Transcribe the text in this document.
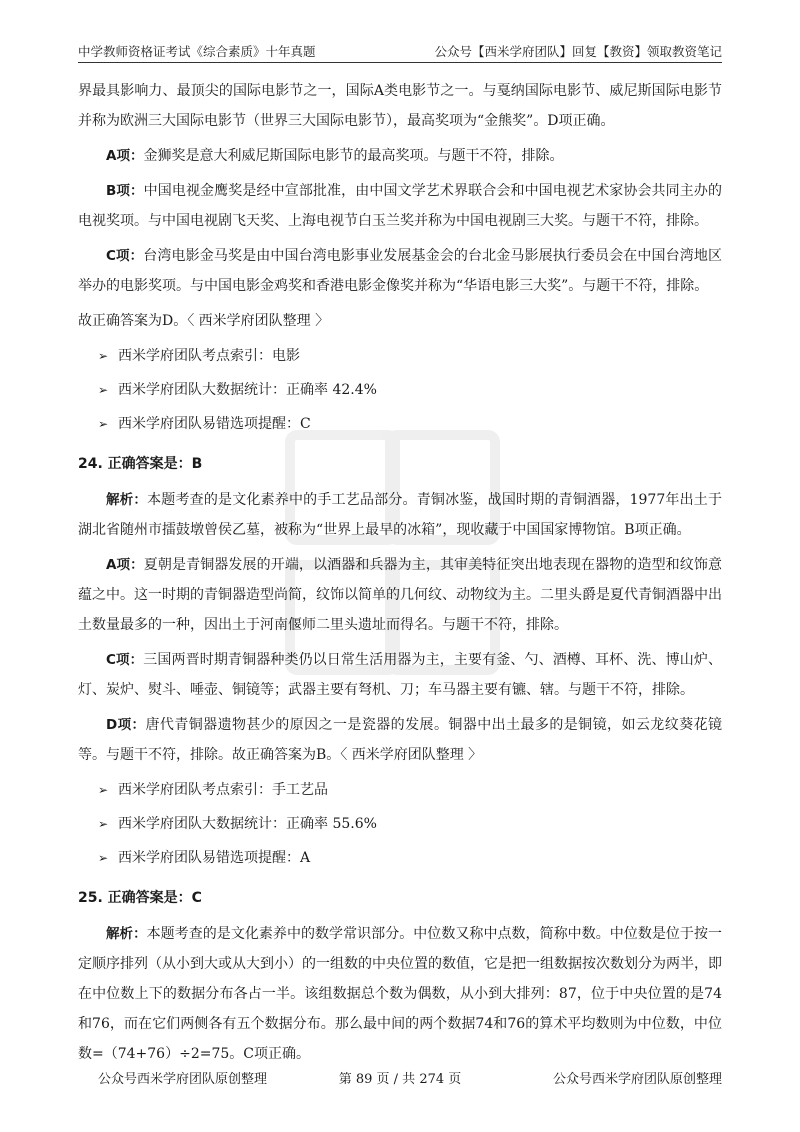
中学教师资格证考试《综合素质》十年真题	公众号【西米学府团队】回复【教资】领取教资笔记

界最具影响力、最顶尖的国际电影节之一，国际A类电影节之一。与戛纳国际电影节、威尼斯国际电影节并称为欧洲三大国际电影节（世界三大国际电影节），最高奖项为“金熊奖”。D项正确。

A项：金狮奖是意大利威尼斯国际电影节的最高奖项。与题干不符，排除。

B项：中国电视金鹰奖是经中宣部批准，由中国文学艺术界联合会和中国电视艺术家协会共同主办的电视奖项。与中国电视剧飞天奖、上海电视节白玉兰奖并称为中国电视剧三大奖。与题干不符，排除。

C项：台湾电影金马奖是由中国台湾电影事业发展基金会的台北金马影展执行委员会在中国台湾地区举办的电影奖项。与中国电影金鸡奖和香港电影金像奖并称为“华语电影三大奖”。与题干不符，排除。

故正确答案为D。〈 西米学府团队整理 〉

➢ 西米学府团队考点索引：电影
➢ 西米学府团队大数据统计：正确率 42.4%
➢ 西米学府团队易错选项提醒：C
24. 正确答案是：B

解析：本题考查的是文化素养中的手工艺品部分。青铜冰鉴，战国时期的青铜酒器，1977年出土于湖北省随州市擂鼓墩曾侯乙墓，被称为“世界上最早的冰箱”，现收藏于中国国家博物馆。B项正确。

A项：夏朝是青铜器发展的开端，以酒器和兵器为主，其审美特征突出地表现在器物的造型和纹饰意蕴之中。这一时期的青铜器造型尚简，纹饰以简单的几何纹、动物纹为主。二里头爵是夏代青铜酒器中出土数量最多的一种，因出土于河南偃师二里头遗址而得名。与题干不符，排除。

C项：三国两晋时期青铜器种类仍以日常生活用器为主，主要有釜、勺、酒樽、耳杯、洗、博山炉、灯、炭炉、熨斗、唾壶、铜镜等；武器主要有弩机、刀；车马器主要有镳、辖。与题干不符，排除。

D项：唐代青铜器遗物甚少的原因之一是瓷器的发展。铜器中出土最多的是铜镜，如云龙纹葵花镜等。与题干不符，排除。故正确答案为B。〈 西米学府团队整理 〉

➢ 西米学府团队考点索引：手工艺品
➢ 西米学府团队大数据统计：正确率 55.6%
➢ 西米学府团队易错选项提醒：A
25. 正确答案是：C

解析：本题考查的是文化素养中的数学常识部分。中位数又称中点数，简称中数。中位数是位于按一定顺序排列（从小到大或从大到小）的一组数的中央位置的数值，它是把一组数据按次数划分为两半，即在中位数上下的数据分布各占一半。该组数据总个数为偶数，从小到大排列：87，位于中央位置的是74和76，而在它们两侧各有五个数据分布。那么最中间的两个数据74和76的算术平均数则为中位数，中位数=（74+76）÷2=75。C项正确。

公众号西米学府团队原创整理	第 89 页 / 共 274 页	公众号西米学府团队原创整理
